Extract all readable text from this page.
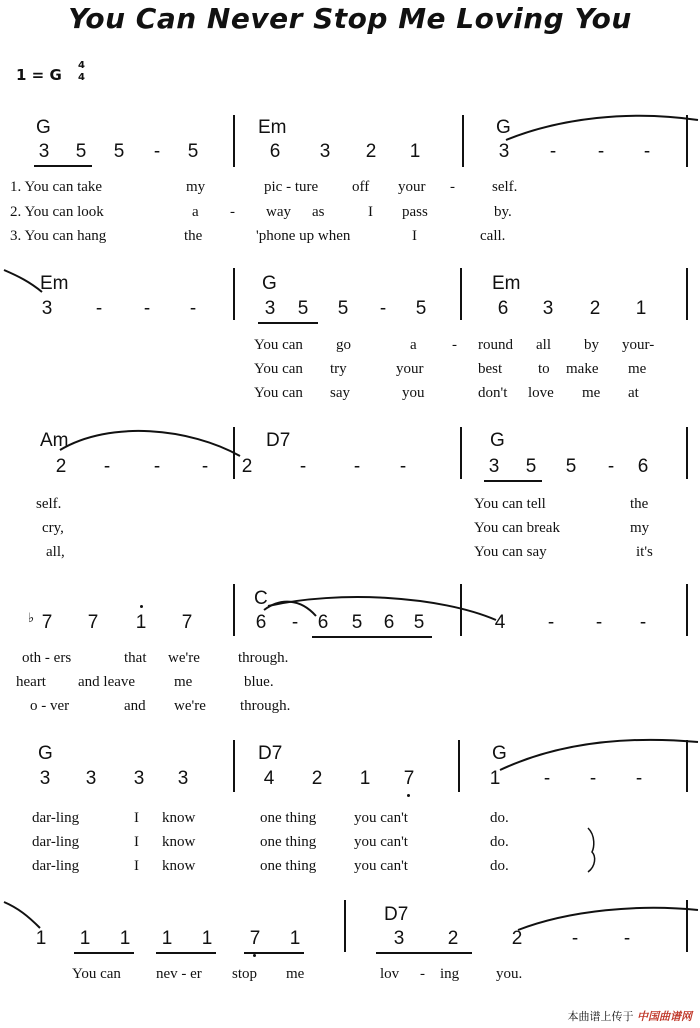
You Can Never Stop Me Loving You
1 = G
4
4
G	Em	G
3 5 5 - 5	6 3 2 1	3 - - -
1. You can take	my	pic - ture off your - self.
2. You can look	a - way as	I pass	by.
3. You can hang	the	'phone up when	I	call.
Em	G	Em
3 - - -	3 5 5 - 5	6 3 2 1
You can go	a - round all by your-
You can try	your	best to make me
You can say	you	don't love me at
Am	D7	G
2 - - - 2	-	- -	3 5 5 - 6
self.	You can tell	the
cry,	You can break	my
all,	You can say	it's
C
♭ 7 7 1 7	6 - 6 5 6 5	4 - - -
oth - ers	that we're	through.
heart and leave	me	blue.
o - ver	and we're through.
G	D7	G
3 3 3 3	4 2 1 7	1 - - -
dar-ling	I know	one thing	you can't	do.
dar-ling	I know	one thing	you can't	do.
dar-ling	I know	one thing	you can't	do.
D7
1 1 1 1 1 7 1	3 2	2	- -
You can nev - er stop me	lov - ing you.
本曲谱上传于 中国曲谱网
